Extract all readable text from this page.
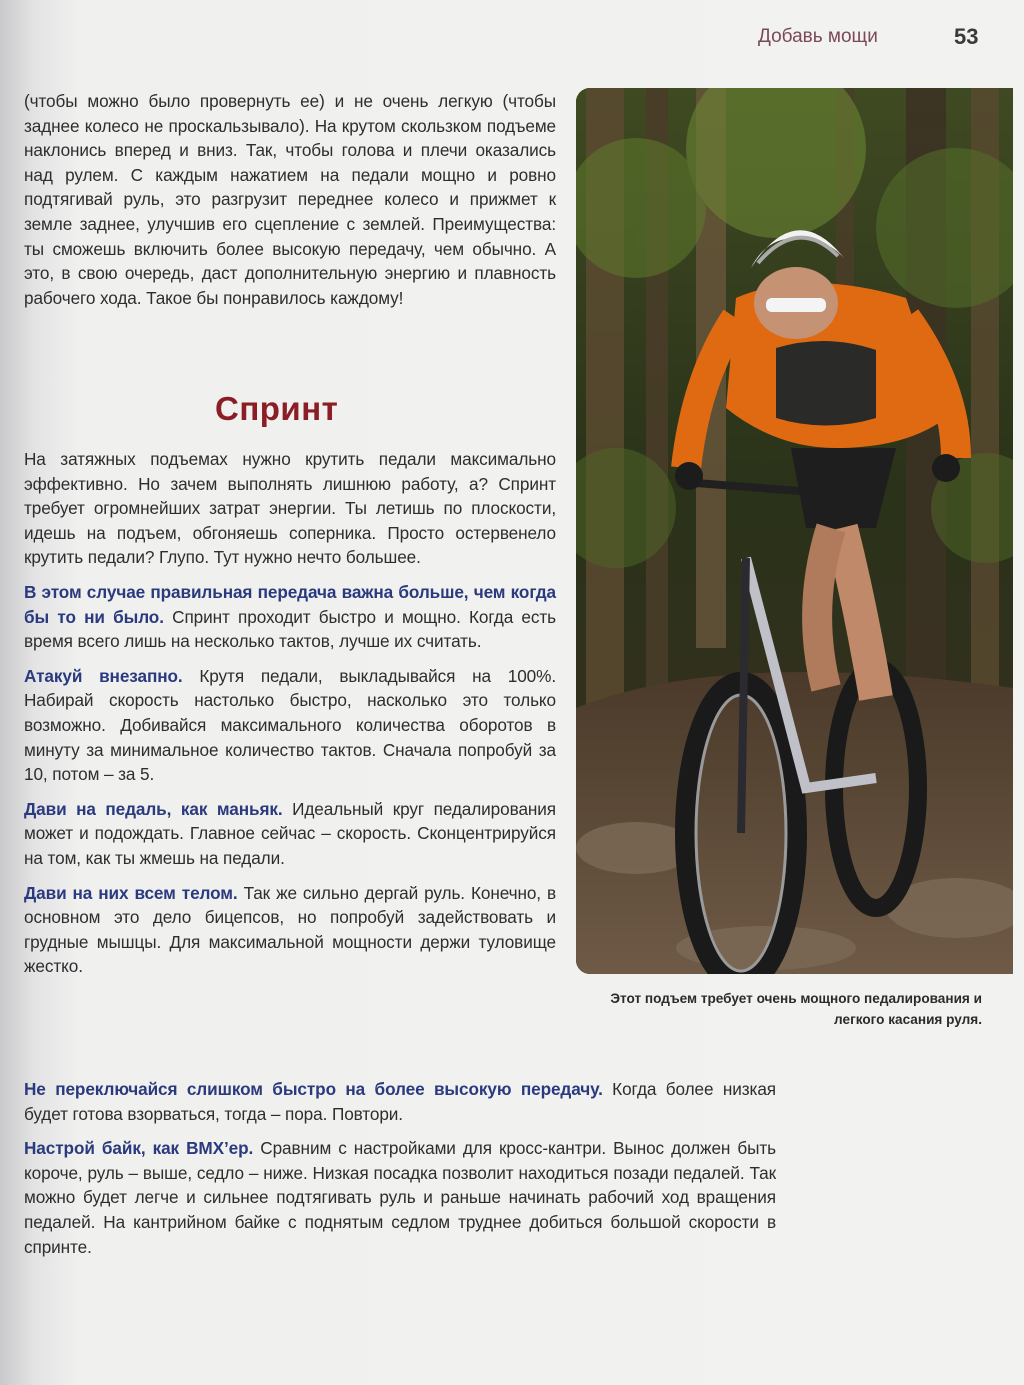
Добавь мощи	53

(чтобы можно было провернуть ее) и не очень легкую (чтобы заднее колесо не проскальзывало). На крутом скользком подъеме наклонись вперед и вниз. Так, чтобы голова и плечи оказались над рулем. С каждым нажатием на педали мощно и ровно подтягивай руль, это разгрузит переднее колесо и прижмет к земле заднее, улучшив его сцепление с землей. Преимущества: ты сможешь включить более высокую передачу, чем обычно. А это, в свою очередь, даст дополнительную энергию и плавность рабочего хода. Такое бы понравилось каждому!

Спринт

На затяжных подъемах нужно крутить педали максимально эффективно. Но зачем выполнять лишнюю работу, а? Спринт требует огромнейших затрат энергии. Ты летишь по плоскости, идешь на подъем, обгоняешь соперника. Просто остервенело крутить педали? Глупо. Тут нужно нечто большее.

В этом случае правильная передача важна больше, чем когда бы то ни было. Спринт проходит быстро и мощно. Когда есть время всего лишь на несколько тактов, лучше их считать.

Атакуй внезапно. Крутя педали, выкладывайся на 100%. Набирай скорость настолько быстро, насколько это только возможно. Добивайся максимального количества оборотов в минуту за минимальное количество тактов. Сначала попробуй за 10, потом – за 5.

Дави на педаль, как маньяк. Идеальный круг педалирования может и подождать. Главное сейчас – скорость. Сконцентрируйся на том, как ты жмешь на педали.

Дави на них всем телом. Так же сильно дергай руль. Конечно, в основном это дело бицепсов, но попробуй задействовать и грудные мышцы. Для максимальной мощности держи туловище жестко.

Не переключайся слишком быстро на более высокую передачу. Когда более низкая будет готова взорваться, тогда – пора. Повтори.

Настрой байк, как BMX’ер. Сравним с настройками для кросс-кантри. Вынос должен быть короче, руль – выше, седло – ниже. Низкая посадка позволит находиться позади педалей. Так можно будет легче и сильнее подтягивать руль и раньше начинать рабочий ход вращения педалей. На кантрийном байке с поднятым седлом труднее добиться большой скорости в спринте.

Этот подъем требует очень мощного педалирования и легкого касания руля.
